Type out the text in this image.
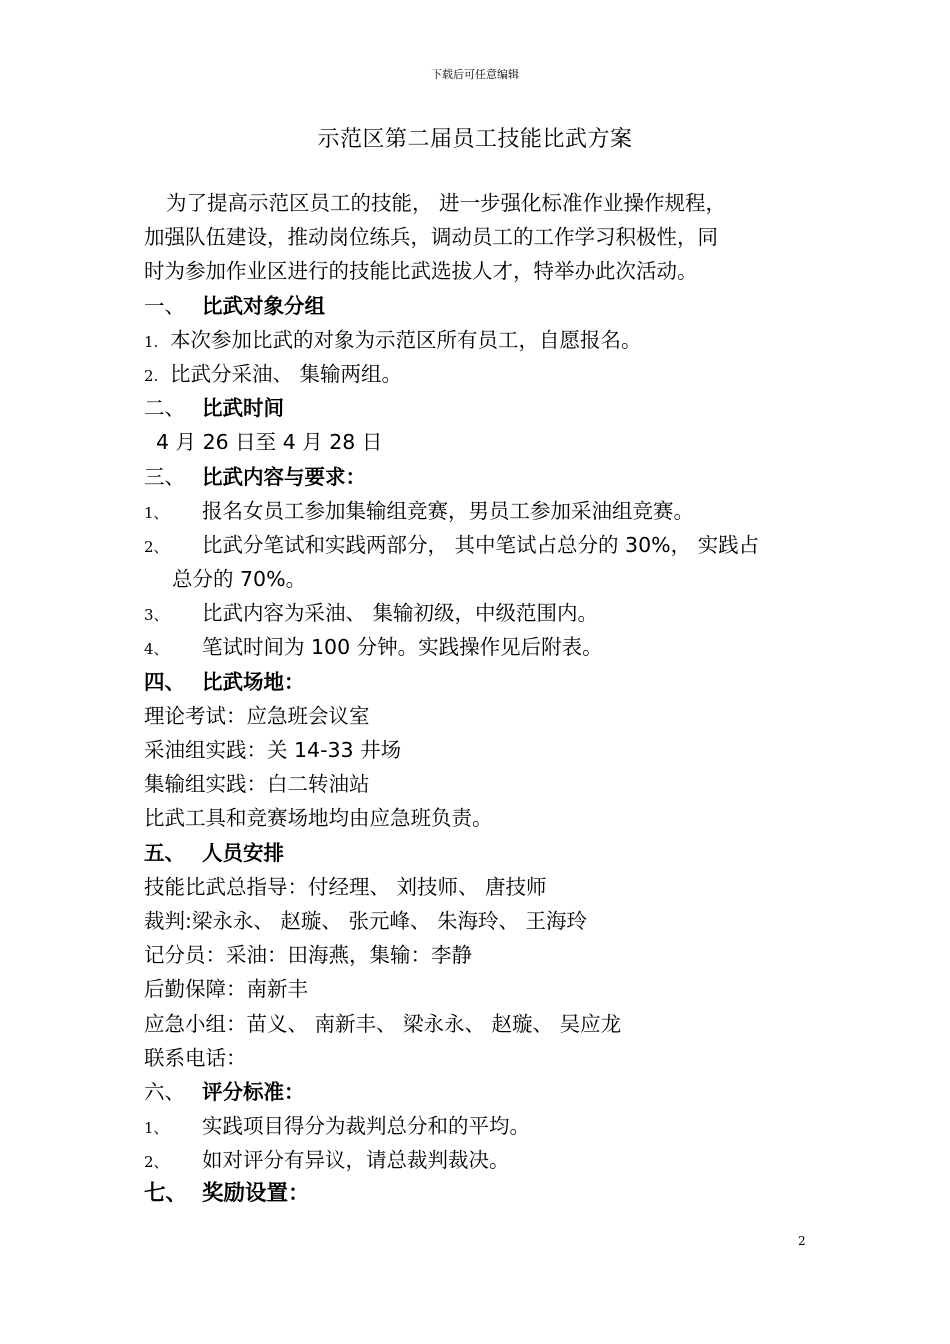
下载后可任意编辑
示范区第二届员工技能比武方案
为了提高示范区员工的技能， 进一步强化标准作业操作规程，
加强队伍建设，推动岗位练兵，调动员工的工作学习积极性，同
时为参加作业区进行的技能比武选拔人才，特举办此次活动。
一、 比武对象分组
1. 本次参加比武的对象为示范区所有员工，自愿报名。
2. 比武分采油、 集输两组。
二、 比武时间
4 月 26 日至 4 月 28 日
三、 比武内容与要求：
1、 报名女员工参加集输组竞赛，男员工参加采油组竞赛。
2、 比武分笔试和实践两部分， 其中笔试占总分的 30%， 实践占
总分的 70%。
3、 比武内容为采油、 集输初级，中级范围内。
4、 笔试时间为 100 分钟。实践操作见后附表。
四、 比武场地：
理论考试：应急班会议室
采油组实践：关 14-33 井场
集输组实践：白二转油站
比武工具和竞赛场地均由应急班负责。
五、 人员安排
技能比武总指导：付经理、 刘技师、 唐技师
裁判:梁永永、 赵璇、 张元峰、 朱海玲、 王海玲
记分员：采油：田海燕，集输：李静
后勤保障：南新丰
应急小组：苗义、 南新丰、 梁永永、 赵璇、 吴应龙
联系电话：
六、 评分标准：
1、 实践项目得分为裁判总分和的平均。
2、 如对评分有异议，请总裁判裁决。
七、 奖励设置：
2
